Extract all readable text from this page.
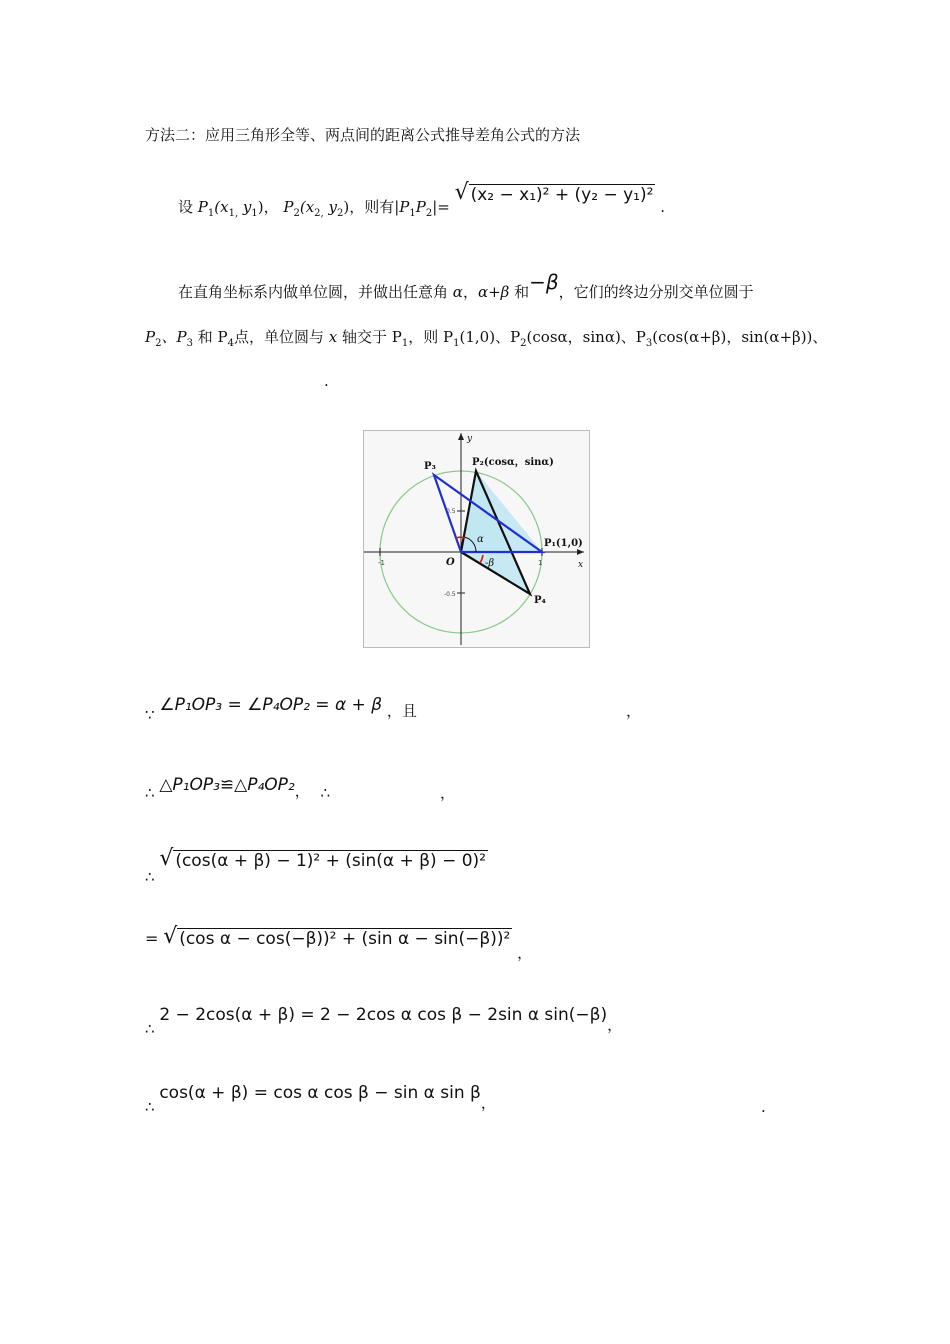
方法二：应用三角形全等、两点间的距离公式推导差角公式的方法
设 $P_1(x_{1,}$ $y_1$)， $P_2(x_{2,}$ $y_2$)，则有$|P_1P_2|=$ √ (x₂ − x₁)² + (y₂ − y₁)² .
在直角坐标系内做单位圆，并做出任意角 α，α+β 和−β，它们的终边分别交单位圆于
$P_2$、$P_3$ 和 $P_4$点，单位圆与 x 轴交于 $P_1$，则 $P_1(1,0)$、$P_2(\cos\alpha$，sinα)、$P_3(\cos(\alpha+\beta)$，sin(α+β))、
.
-1	1
0.5
-0.5
α
-β
O
y
x
P₁(1,0)
P₂(cosα，sinα)
P₃
P₄
∵ ∠P₁OP₃ = ∠P₄OP₂ = α + β ，且	，
∴ △P₁OP₃≌△P₄OP₂， ∴	，
∴ √ (cos(α + β) − 1)² + (sin(α + β) − 0)²
= √ (cos α − cos(−β))² + (sin α − sin(−β))² ，
∴ 2 − 2cos(α + β) = 2 − 2cos α cos β − 2sin α sin(−β)，
∴ cos(α + β) = cos α cos β − sin α sin β，	.
